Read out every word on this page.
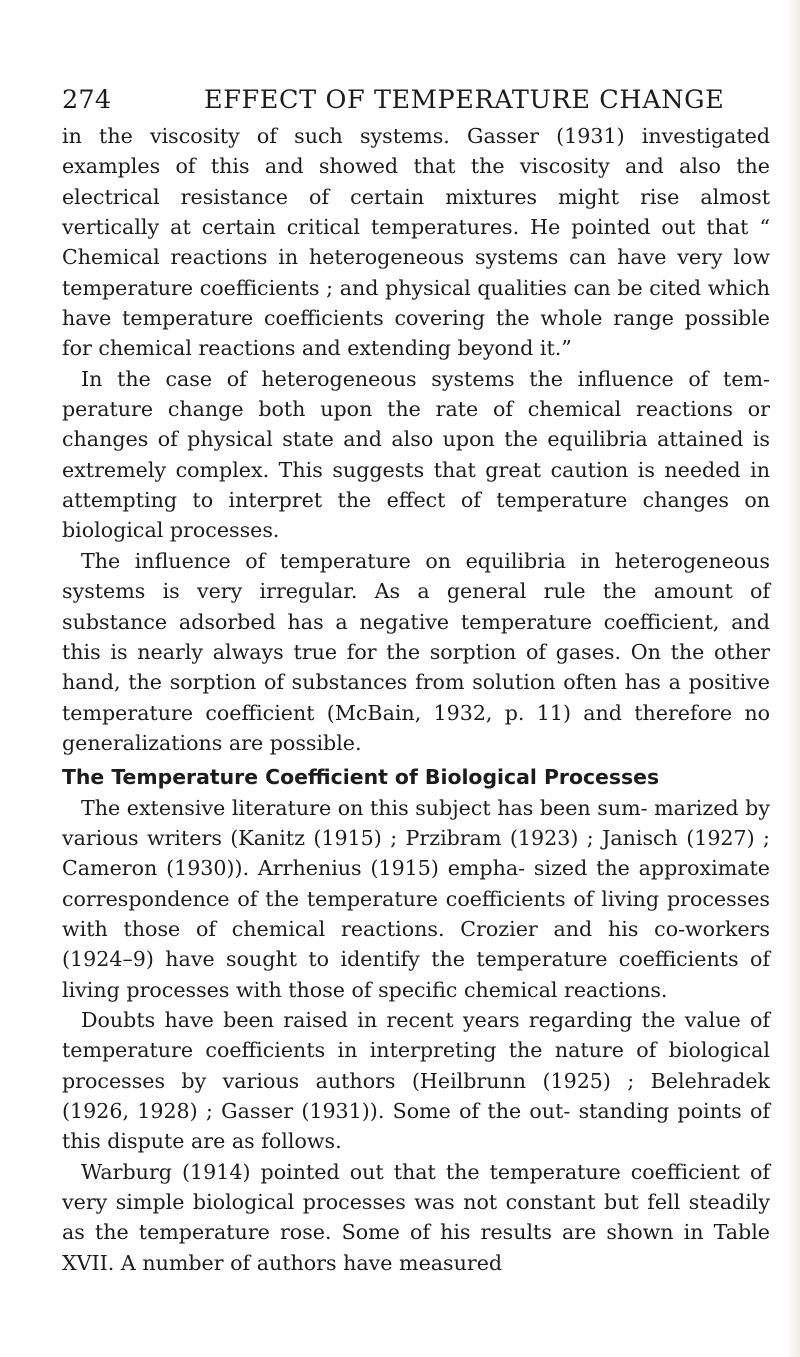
274	EFFECT OF TEMPERATURE CHANGE

in the viscosity of such systems. Gasser (1931) investigated examples of this and showed that the viscosity and also the electrical resistance of certain mixtures might rise almost vertically at certain critical temperatures. He pointed out that “ Chemical reactions in heterogeneous systems can have very low temperature coefficients ; and physical qualities can be cited which have temperature coefficients covering the whole range possible for chemical reactions and extending beyond it.”

In the case of heterogeneous systems the influence of tem- perature change both upon the rate of chemical reactions or changes of physical state and also upon the equilibria attained is extremely complex. This suggests that great caution is needed in attempting to interpret the effect of temperature changes on biological processes.

The influence of temperature on equilibria in heterogeneous systems is very irregular. As a general rule the amount of substance adsorbed has a negative temperature coefficient, and this is nearly always true for the sorption of gases. On the other hand, the sorption of substances from solution often has a positive temperature coefficient (McBain, 1932, p. 11) and therefore no generalizations are possible.

The Temperature Coefficient of Biological Processes

The extensive literature on this subject has been sum- marized by various writers (Kanitz (1915) ; Przibram (1923) ; Janisch (1927) ; Cameron (1930)). Arrhenius (1915) empha- sized the approximate correspondence of the temperature coefficients of living processes with those of chemical reactions. Crozier and his co-workers (1924–9) have sought to identify the temperature coefficients of living processes with those of specific chemical reactions.

Doubts have been raised in recent years regarding the value of temperature coefficients in interpreting the nature of biological processes by various authors (Heilbrunn (1925) ; Belehradek (1926, 1928) ; Gasser (1931)). Some of the out- standing points of this dispute are as follows.

Warburg (1914) pointed out that the temperature coefficient of very simple biological processes was not constant but fell steadily as the temperature rose. Some of his results are shown in Table XVII. A number of authors have measured
